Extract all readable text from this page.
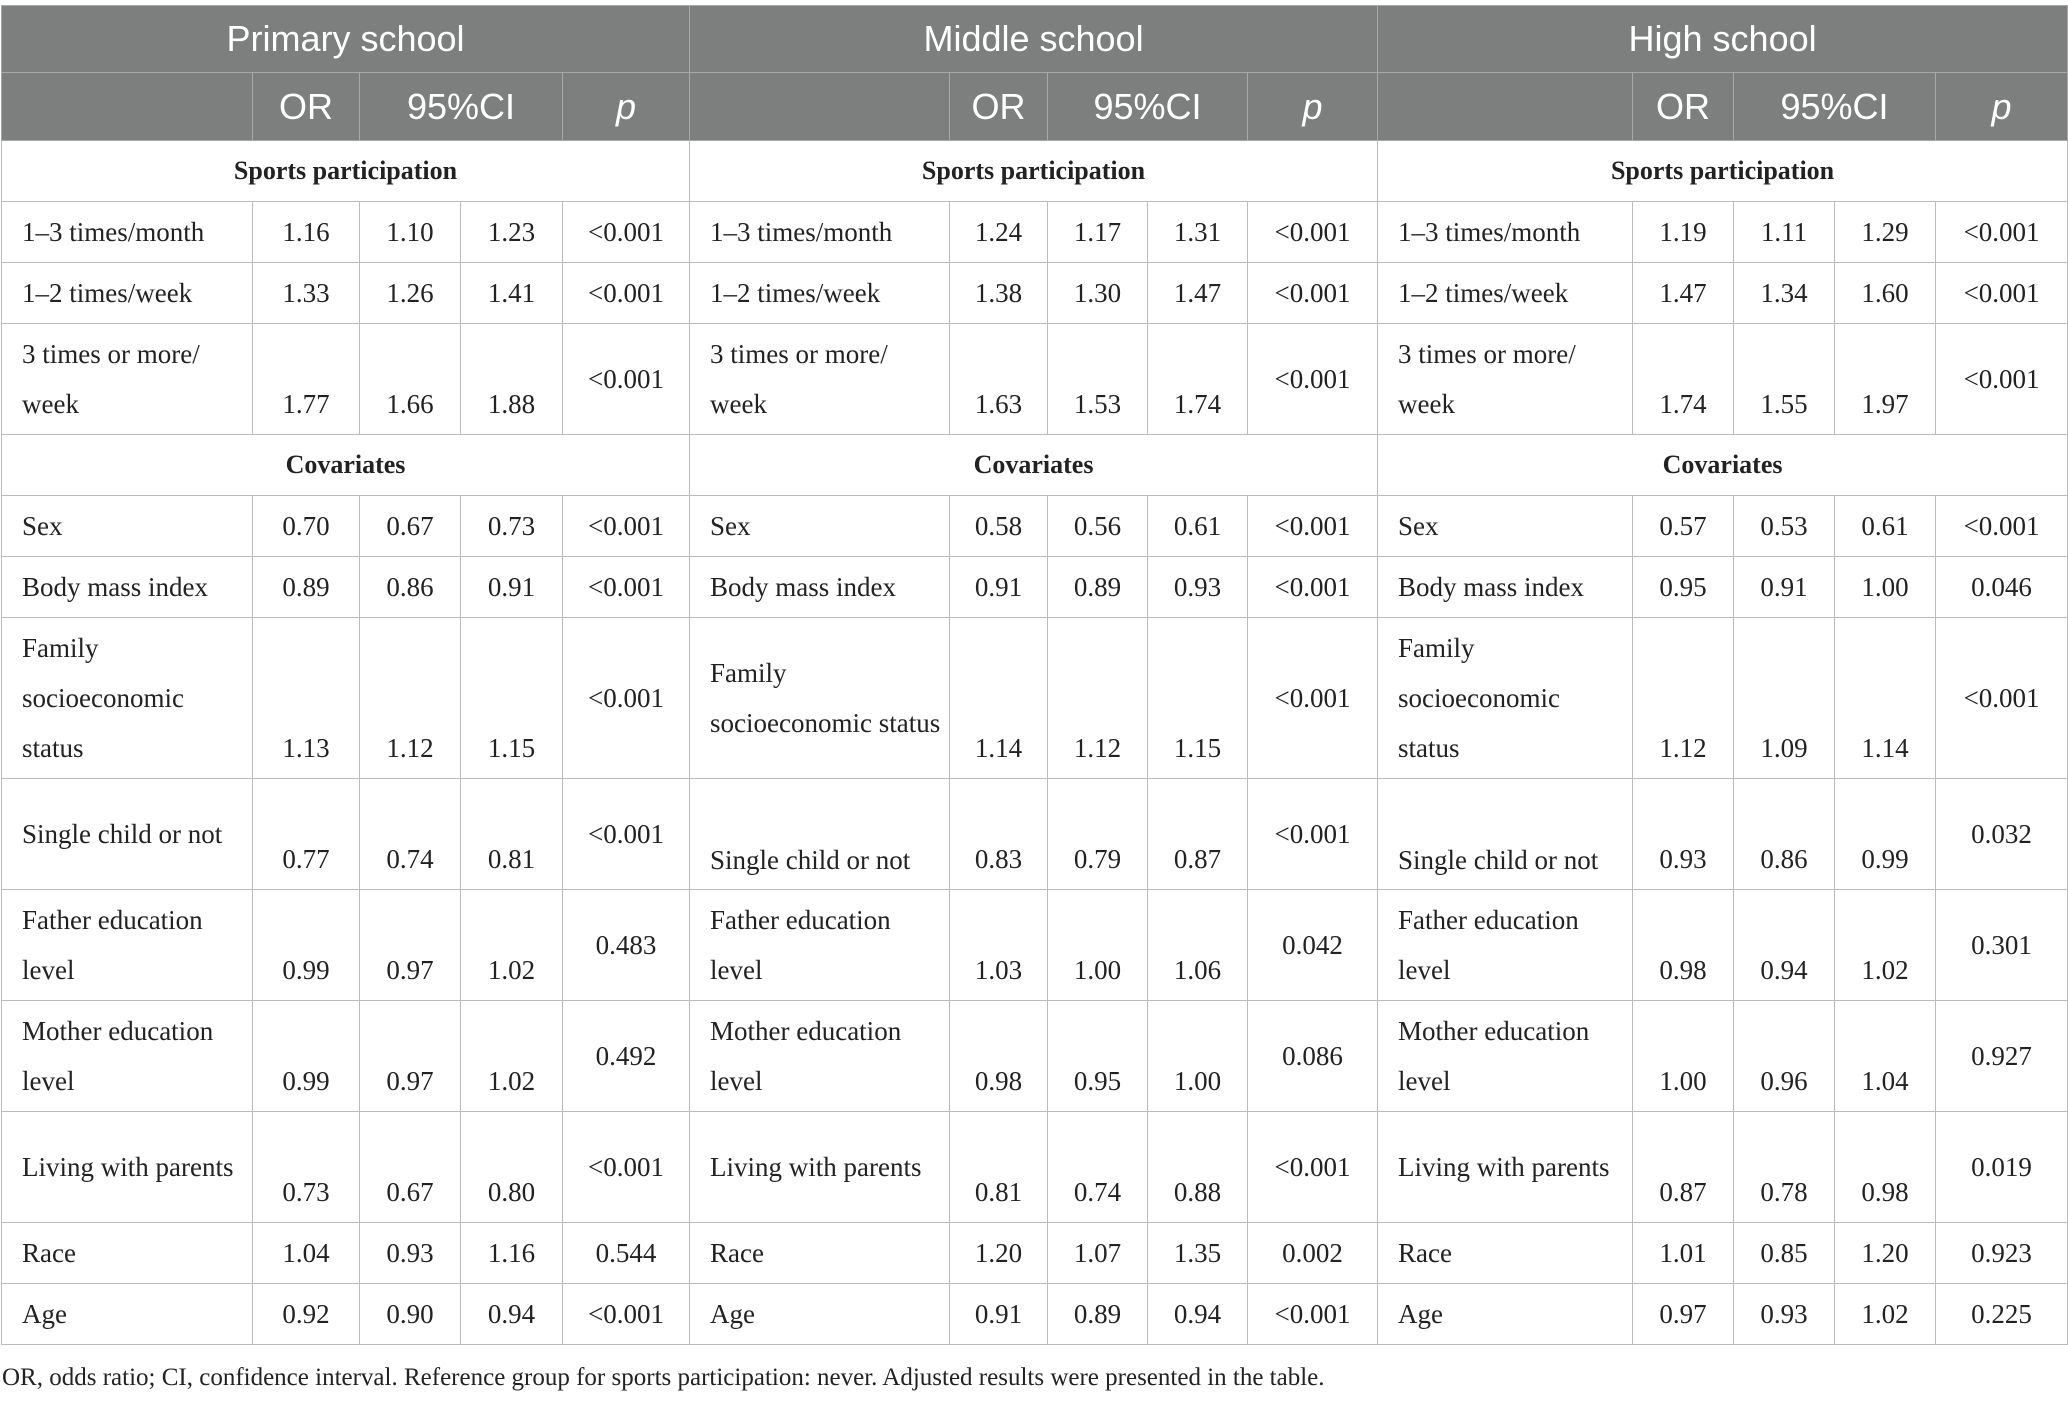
Primary school					Middle school					High school				
	OR	95%CI		p		OR	95%CI		p		OR	95%CI		p
Sports participation					Sports participation					Sports participation				
1–3 times/month	1.16	1.10	1.23	<0.001	1–3 times/month	1.24	1.17	1.31	<0.001	1–3 times/month	1.19	1.11	1.29	<0.001
1–2 times/week	1.33	1.26	1.41	<0.001	1–2 times/week	1.38	1.30	1.47	<0.001	1–2 times/week	1.47	1.34	1.60	<0.001
3 times or more/ week	1.77	1.66	1.88	<0.001	3 times or more/ week	1.63	1.53	1.74	<0.001	3 times or more/ week	1.74	1.55	1.97	<0.001
Covariates					Covariates					Covariates				
Sex	0.70	0.67	0.73	<0.001	Sex	0.58	0.56	0.61	<0.001	Sex	0.57	0.53	0.61	<0.001
Body mass index	0.89	0.86	0.91	<0.001	Body mass index	0.91	0.89	0.93	<0.001	Body mass index	0.95	0.91	1.00	0.046
Family socioeconomic status	1.13	1.12	1.15	<0.001	Family socioeconomic status	1.14	1.12	1.15	<0.001	Family socioeconomic status	1.12	1.09	1.14	<0.001
Single child or not	0.77	0.74	0.81	<0.001	Single child or not	0.83	0.79	0.87	<0.001	Single child or not	0.93	0.86	0.99	0.032
Father education level	0.99	0.97	1.02	0.483	Father education level	1.03	1.00	1.06	0.042	Father education level	0.98	0.94	1.02	0.301
Mother education level	0.99	0.97	1.02	0.492	Mother education level	0.98	0.95	1.00	0.086	Mother education level	1.00	0.96	1.04	0.927
Living with parents	0.73	0.67	0.80	<0.001	Living with parents	0.81	0.74	0.88	<0.001	Living with parents	0.87	0.78	0.98	0.019
Race	1.04	0.93	1.16	0.544	Race	1.20	1.07	1.35	0.002	Race	1.01	0.85	1.20	0.923
Age	0.92	0.90	0.94	<0.001	Age	0.91	0.89	0.94	<0.001	Age	0.97	0.93	1.02	0.225
OR, odds ratio; CI, confidence interval. Reference group for sports participation: never. Adjusted results were presented in the table.
